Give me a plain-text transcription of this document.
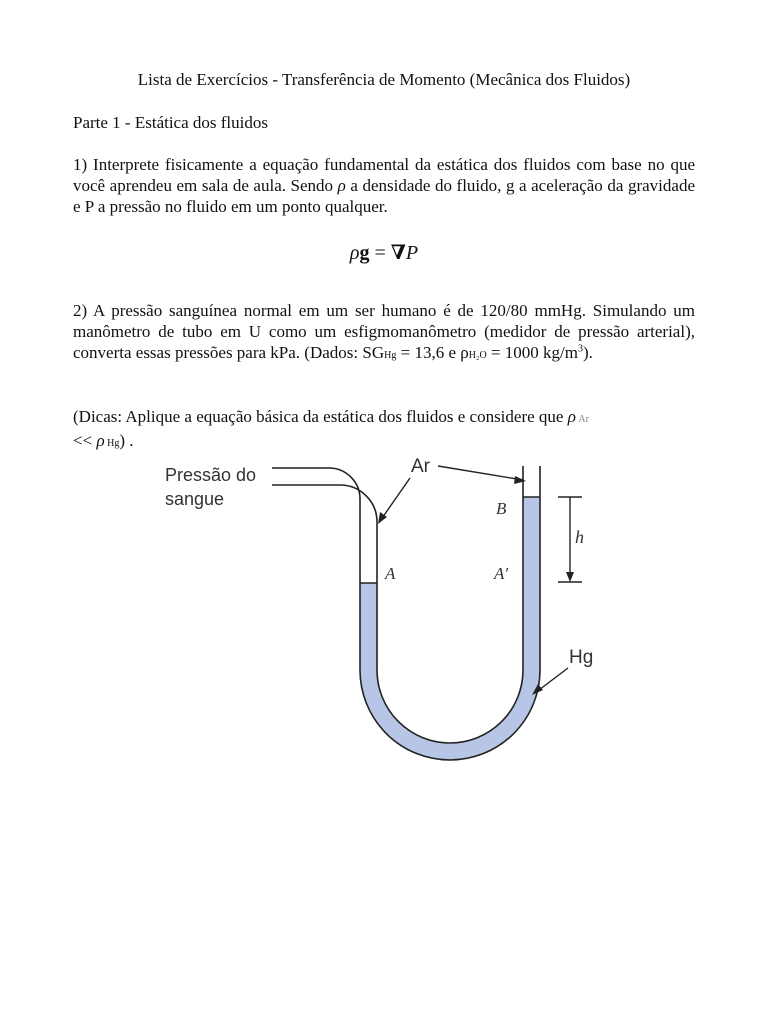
Lista de Exercícios - Transferência de Momento (Mecânica dos Fluidos)
Parte 1 - Estática dos fluidos
1) Interprete fisicamente a equação fundamental da estática dos fluidos com base no que você aprendeu em sala de aula. Sendo ρ a densidade do fluido, g a aceleração da gravidade e P a pressão no fluido em um ponto qualquer.
ρg = ∇P
2) A pressão sanguínea normal em um ser humano é de 120/80 mmHg. Simulando um manômetro de tubo em U como um esfigmomanômetro (medidor de pressão arterial), converta essas pressões para kPa. (Dados: SGHg = 13,6 e ρH₂O = 1000 $kg/m^3$).
(Dicas: Aplique a equação básica da estática dos fluidos e considere que ρ Ar
<< ρ Hg) .
Pressão do
sangue
Ar
B
h
A	A′
Hg
